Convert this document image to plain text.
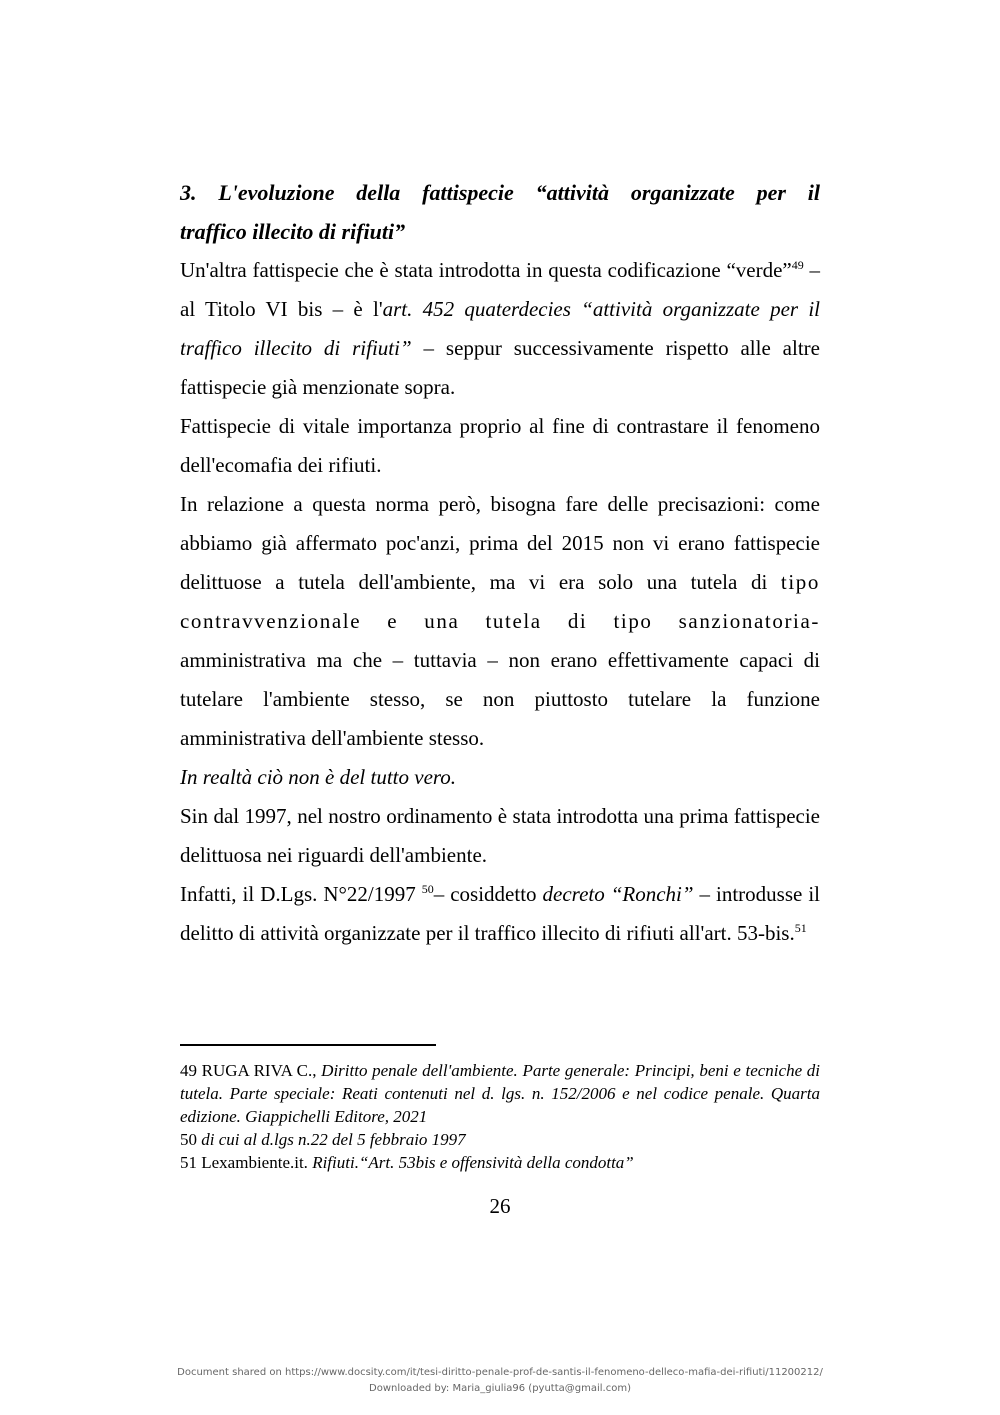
3. L'evoluzione della fattispecie “attività organizzate per il
traffico illecito di rifiuti”

Un'altra fattispecie che è stata introdotta in questa codificazione “verde”$^{49}$ – al Titolo VI bis – è l'art. 452 quaterdecies “attività organizzate per il traffico illecito di rifiuti” – seppur successivamente rispetto alle altre fattispecie già menzionate sopra.

Fattispecie di vitale importanza proprio al fine di contrastare il fenomeno dell'ecomafia dei rifiuti.

In relazione a questa norma però, bisogna fare delle precisazioni: come abbiamo già affermato poc'anzi, prima del 2015 non vi erano fattispecie delittuose a tutela dell'ambiente, ma vi era solo una tutela di tipo contravvenzionale e una tutela di tipo sanzionatoria- amministrativa ma che – tuttavia – non erano effettivamente capaci di tutelare l'ambiente stesso, se non piuttosto tutelare la funzione amministrativa dell'ambiente stesso.

In realtà ciò non è del tutto vero.

Sin dal 1997, nel nostro ordinamento è stata introdotta una prima fattispecie delittuosa nei riguardi dell'ambiente.

Infatti, il D.Lgs. N°22/1997 $^{50}$– cosiddetto decreto “Ronchi” – introdusse il delitto di attività organizzate per il traffico illecito di rifiuti all'art. 53-bis.$^{51}$

49 RUGA RIVA C., Diritto penale dell'ambiente. Parte generale: Principi, beni e tecniche di tutela. Parte speciale: Reati contenuti nel d. lgs. n. 152/2006 e nel codice penale. Quarta edizione. Giappichelli Editore, 2021

50 di cui al d.lgs n.22 del 5 febbraio 1997

51 Lexambiente.it. Rifiuti.“Art. 53bis e offensività della condotta”

26
Document shared on https://www.docsity.com/it/tesi-diritto-penale-prof-de-santis-il-fenomeno-delleco-mafia-dei-rifiuti/11200212/
Downloaded by: Maria_giulia96 (pyutta@gmail.com)
